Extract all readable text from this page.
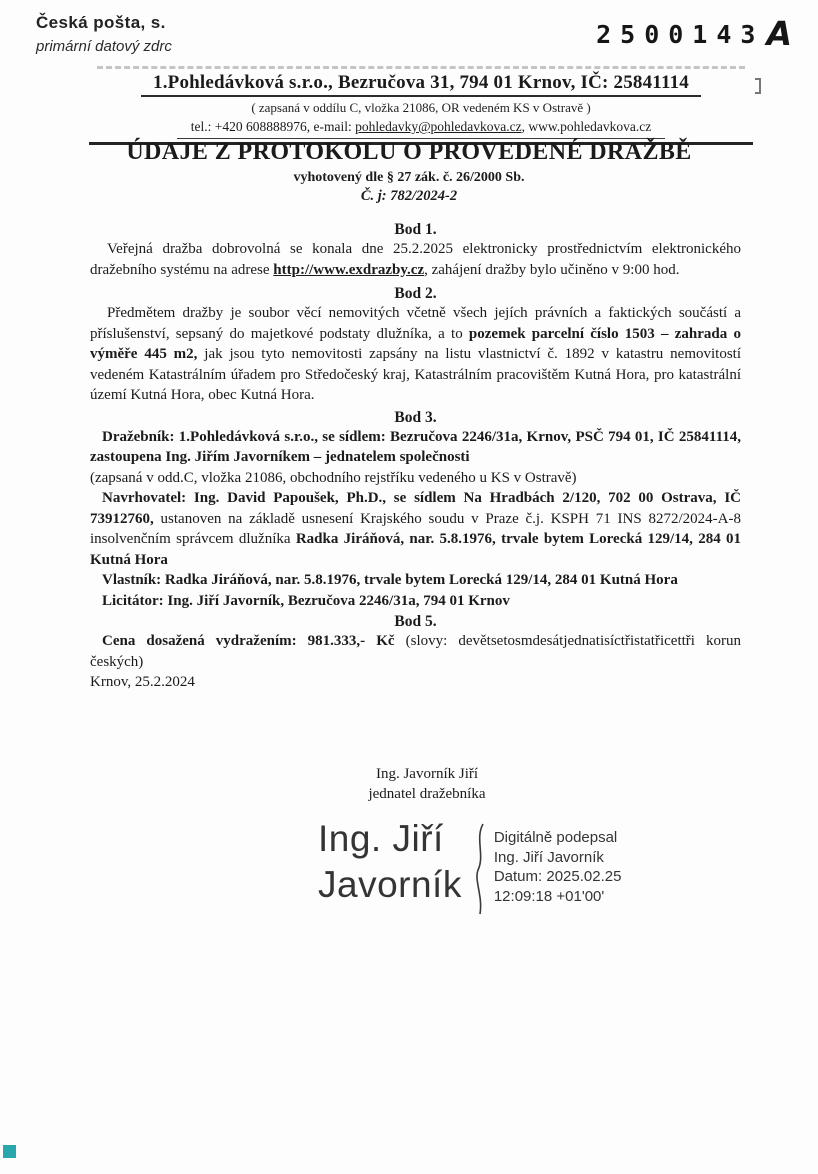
Česká pošta, s.
primární datový zdrc	2500143A
1.Pohledávková s.r.o., Bezručova 31, 794 01 Krnov, IČ: 25841114
( zapsaná v oddílu C, vložka 21086, OR vedeném KS v Ostravě )
tel.: +420 608888976, e-mail: pohledavky@pohledavkova.cz, www.pohledavkova.cz
ÚDAJE Z PROTOKOLU O PROVEDENÉ DRAŽBĚ
vyhotovený dle § 27 zák. č. 26/2000 Sb.
Č. j: 782/2024-2
Bod 1.

Veřejná dražba dobrovolná se konala dne 25.2.2025 elektronicky prostřednictvím elektronického dražebního systému na adrese http://www.exdrazby.cz, zahájení dražby bylo učiněno v 9:00 hod.

Bod 2.

Předmětem dražby je soubor věcí nemovitých včetně všech jejích právních a faktických součástí a příslušenství, sepsaný do majetkové podstaty dlužníka, a to pozemek parcelní číslo 1503 – zahrada o výměře 445 m2, jak jsou tyto nemovitosti zapsány na listu vlastnictví č. 1892 v katastru nemovitostí vedeném Katastrálním úřadem pro Středočeský kraj, Katastrálním pracovištěm Kutná Hora, pro katastrální území Kutná Hora, obec Kutná Hora.

Bod 3.

Dražebník: 1.Pohledávková s.r.o., se sídlem: Bezručova 2246/31a, Krnov, PSČ 794 01, IČ 25841114, zastoupena Ing. Jiřím Javorníkem – jednatelem společnosti

(zapsaná v odd.C, vložka 21086, obchodního rejstříku vedeného u KS v Ostravě)

Navrhovatel: Ing. David Papoušek, Ph.D., se sídlem Na Hradbách 2/120, 702 00 Ostrava, IČ 73912760, ustanoven na základě usnesení Krajského soudu v Praze č.j. KSPH 71 INS 8272/2024-A-8 insolvenčním správcem dlužníka Radka Jiráňová, nar. 5.8.1976, trvale bytem Lorecká 129/14, 284 01 Kutná Hora

Vlastník: Radka Jiráňová, nar. 5.8.1976, trvale bytem Lorecká 129/14, 284 01 Kutná Hora

Licitátor: Ing. Jiří Javorník, Bezručova 2246/31a, 794 01 Krnov

Bod 5.

Cena dosažená vydražením: 981.333,- Kč (slovy: devětsetosmdesátjednatisíctřistatřicettři korun českých)

Krnov, 25.2.2024

Ing. Javorník Jiří
jednatel dražebníka
Ing. Jiří
Javorník
Digitálně podepsal
Ing. Jiří Javorník
Datum: 2025.02.25
12:09:18 +01'00'
